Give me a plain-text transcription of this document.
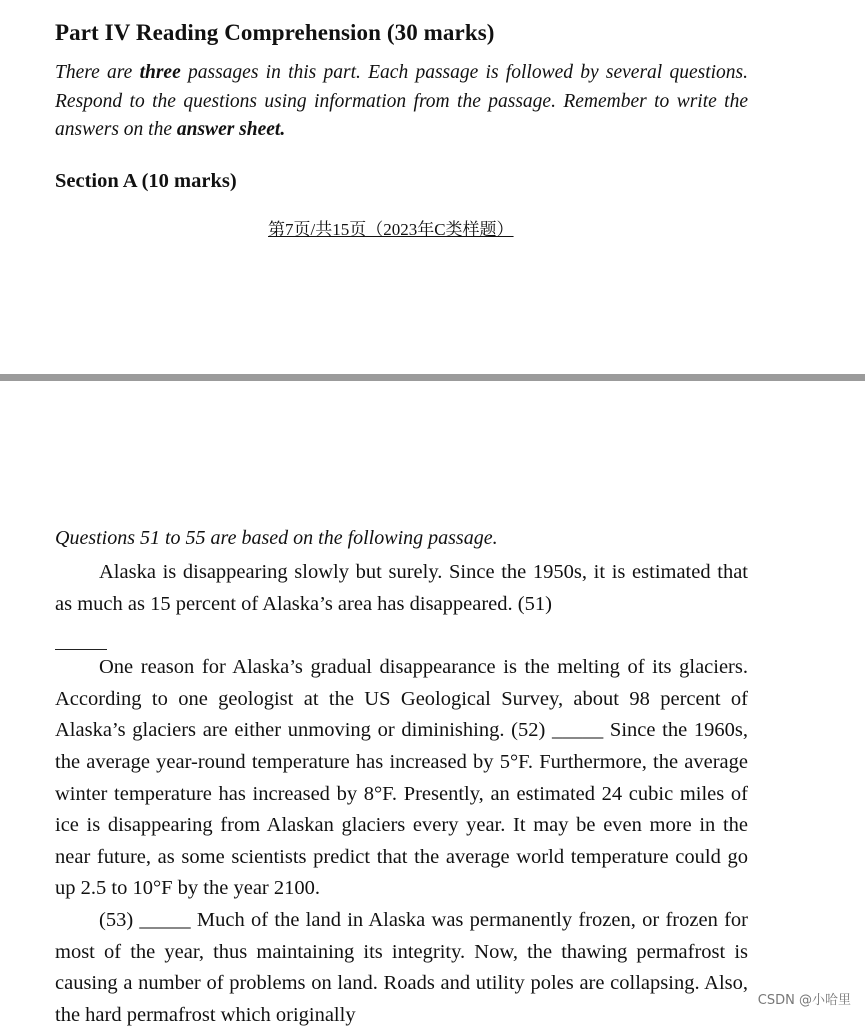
Part IV Reading Comprehension (30 marks)
There are three passages in this part. Each passage is followed by several questions. Respond to the questions using information from the passage. Remember to write the answers on the answer sheet.
Section A (10 marks)
第7页/共15页（2023年C类样题）
Questions 51 to 55 are based on the following passage.

Alaska is disappearing slowly but surely. Since the 1950s, it is estimated that as much as 15 percent of Alaska’s area has disappeared. (51)

One reason for Alaska’s gradual disappearance is the melting of its glaciers. According to one geologist at the US Geological Survey, about 98 percent of Alaska’s glaciers are either unmoving or diminishing. (52) _____ Since the 1960s, the average year-round temperature has increased by 5°F. Furthermore, the average winter temperature has increased by 8°F. Presently, an estimated 24 cubic miles of ice is disappearing from Alaskan glaciers every year. It may be even more in the near future, as some scientists predict that the average world temperature could go up 2.5 to 10°F by the year 2100.

(53) _____ Much of the land in Alaska was permanently frozen, or frozen for most of the year, thus maintaining its integrity. Now, the thawing permafrost is causing a number of problems on land. Roads and utility poles are collapsing. Also, the hard permafrost which originally

CSDN @小哈里
